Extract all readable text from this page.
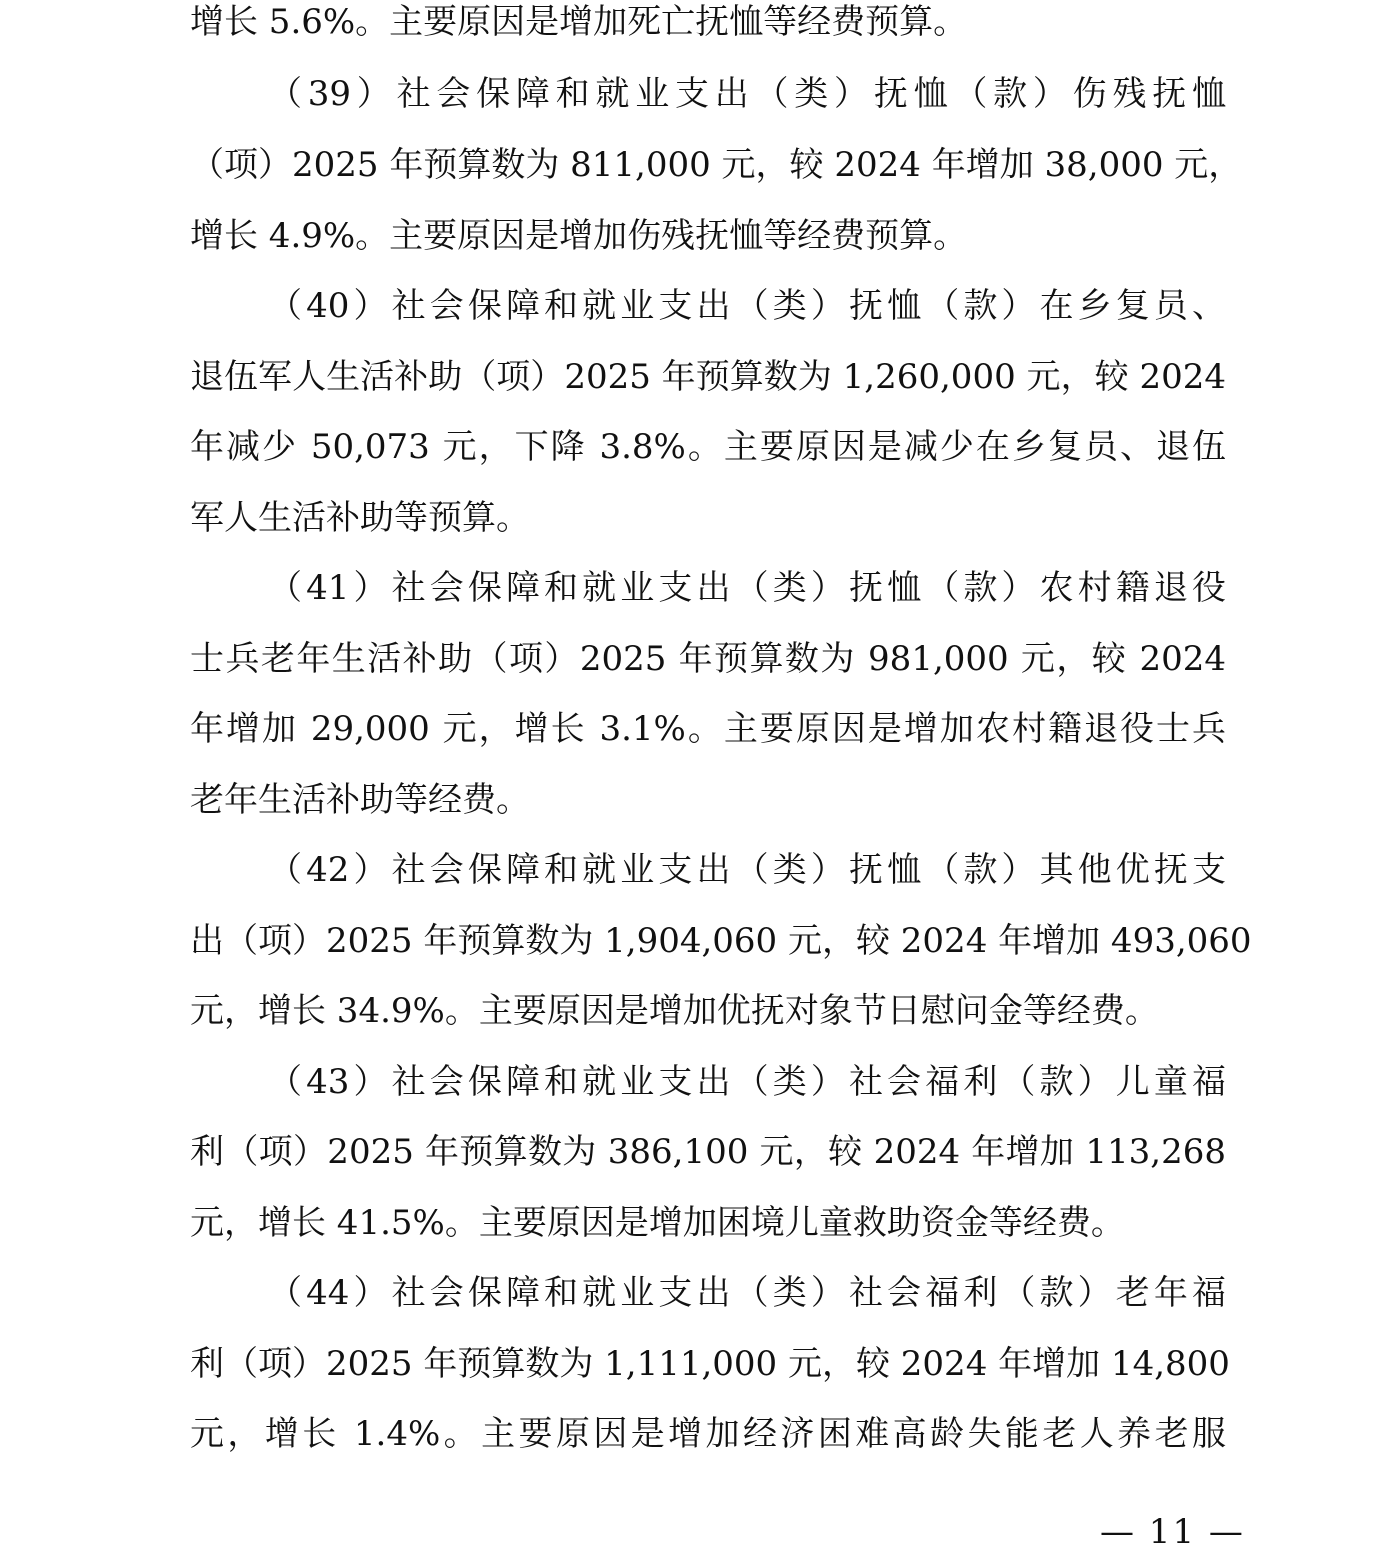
增长 5.6%。主要原因是增加死亡抚恤等经费预算。
（39）社会保障和就业支出（类）抚恤（款）伤残抚恤
（项）2025 年预算数为 811,000 元，较 2024 年增加 38,000 元，
增长 4.9%。主要原因是增加伤残抚恤等经费预算。
（40）社会保障和就业支出（类）抚恤（款）在乡复员、
退伍军人生活补助（项）2025 年预算数为 1,260,000 元，较 2024
年减少 50,073 元，下降 3.8%。主要原因是减少在乡复员、退伍
军人生活补助等预算。
（41）社会保障和就业支出（类）抚恤（款）农村籍退役
士兵老年生活补助（项）2025 年预算数为 981,000 元，较 2024
年增加 29,000 元，增长 3.1%。主要原因是增加农村籍退役士兵
老年生活补助等经费。
（42）社会保障和就业支出（类）抚恤（款）其他优抚支
出（项）2025 年预算数为 1,904,060 元，较 2024 年增加 493,060
元，增长 34.9%。主要原因是增加优抚对象节日慰问金等经费。
（43）社会保障和就业支出（类）社会福利（款）儿童福
利（项）2025 年预算数为 386,100 元，较 2024 年增加 113,268
元，增长 41.5%。主要原因是增加困境儿童救助资金等经费。
（44）社会保障和就业支出（类）社会福利（款）老年福
利（项）2025 年预算数为 1,111,000 元，较 2024 年增加 14,800
元，增长 1.4%。主要原因是增加经济困难高龄失能老人养老服
— 11 —
